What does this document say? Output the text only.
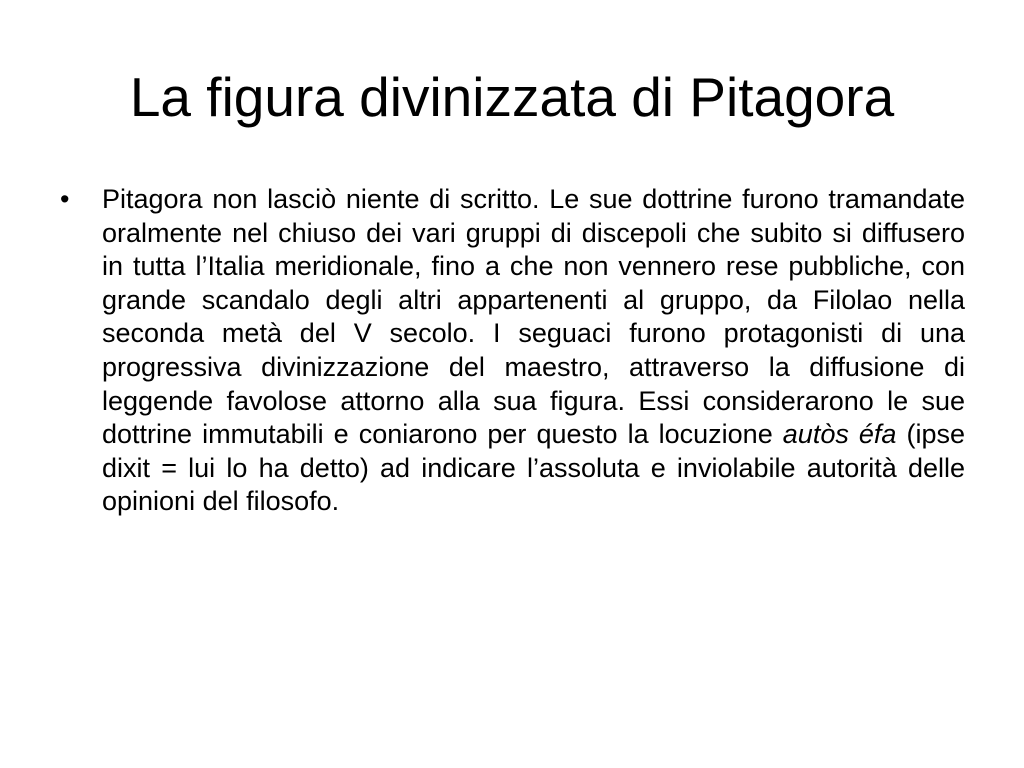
La figura divinizzata di Pitagora
• Pitagora non lasciò niente di scritto. Le sue dottrine furono tramandate oralmente nel chiuso dei vari gruppi di discepoli che subito si diffusero in tutta l’Italia meridionale, fino a che non vennero rese pubbliche, con grande scandalo degli altri appartenenti al gruppo, da Filolao nella seconda metà del V secolo. I seguaci furono protagonisti di una progressiva divinizzazione del maestro, attraverso la diffusione di leggende favolose attorno alla sua figura. Essi considerarono le sue dottrine immutabili e coniarono per questo la locuzione autòs éfa (ipse dixit = lui lo ha detto) ad indicare l’assoluta e inviolabile autorità delle opinioni del filosofo.
